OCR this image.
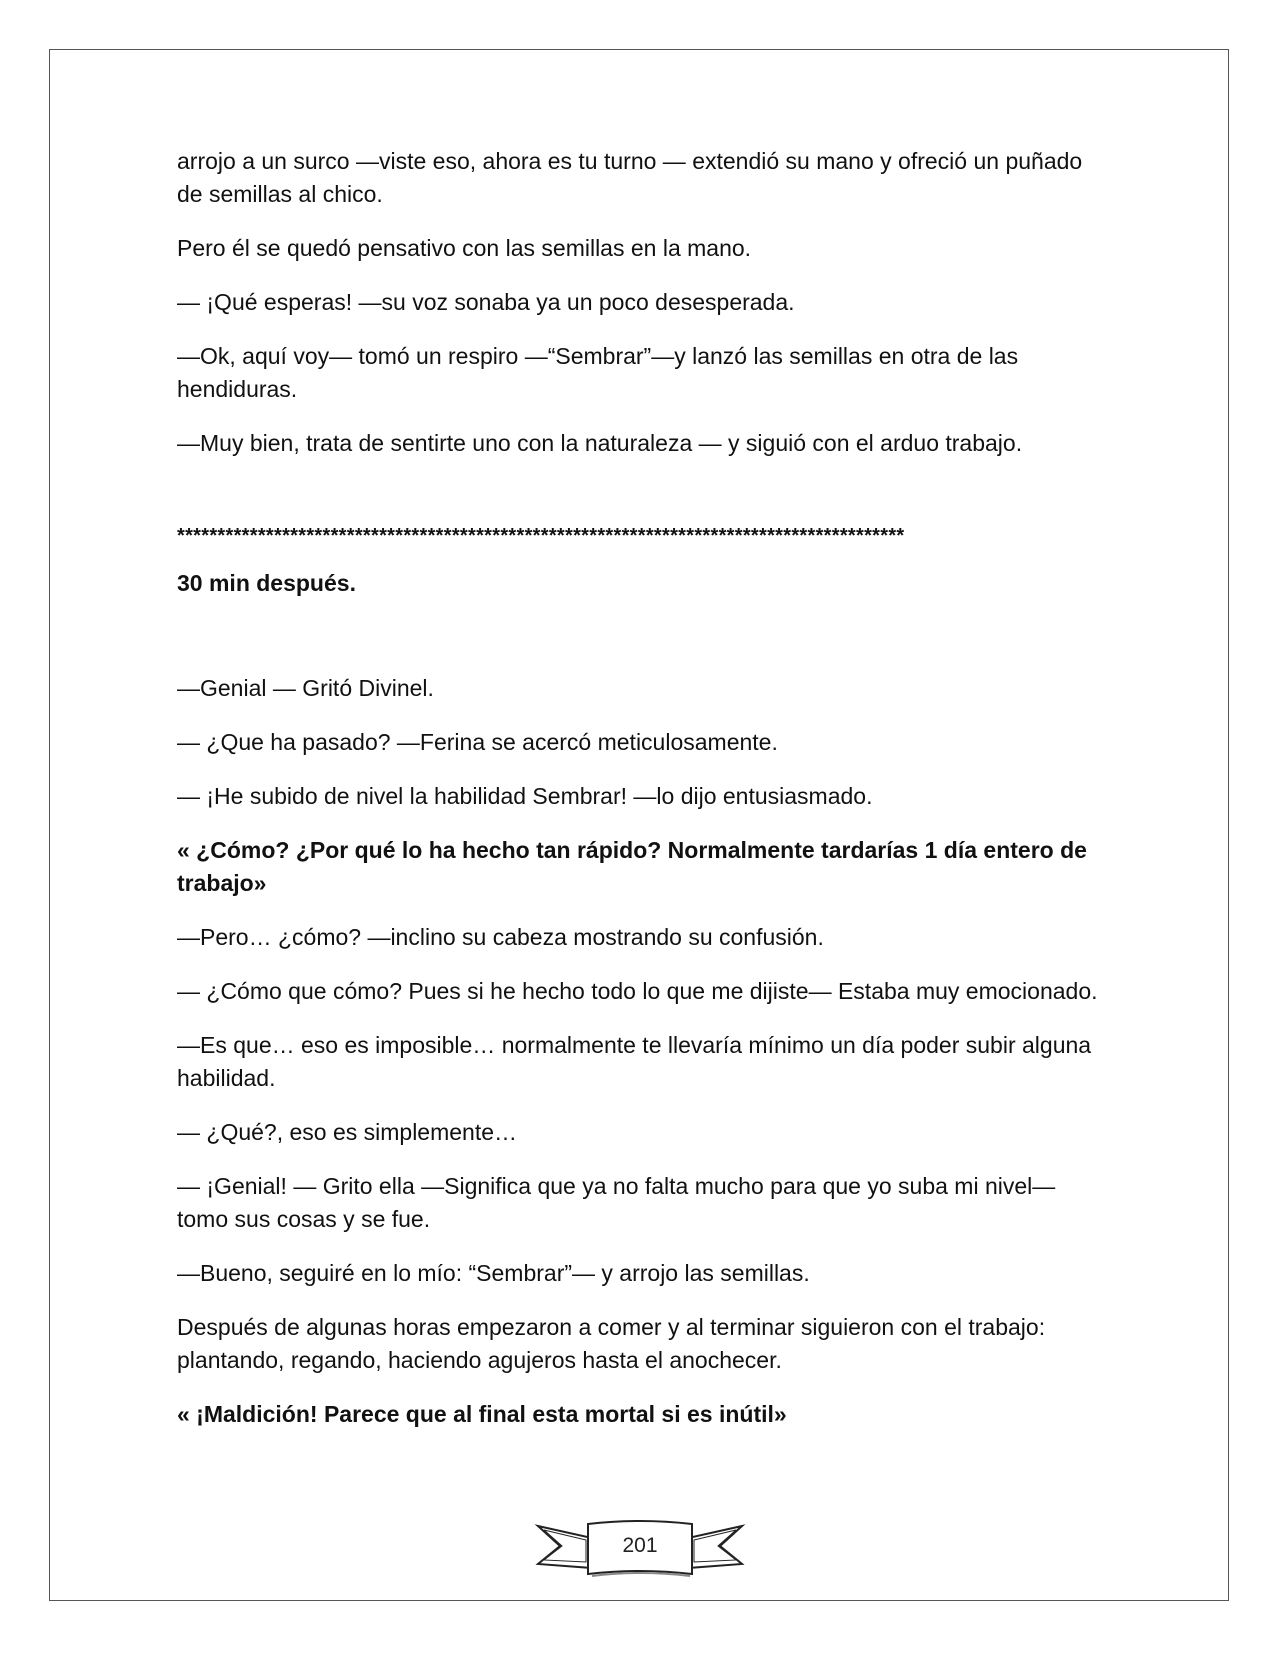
arrojo a un surco —viste eso, ahora es tu turno — extendió su mano y ofreció un puñado de semillas al chico.

Pero él se quedó pensativo con las semillas en la mano.

— ¡Qué esperas! —su voz sonaba ya un poco desesperada.

—Ok, aquí voy— tomó un respiro —“Sembrar”—y lanzó las semillas en otra de las hendiduras.

—Muy bien, trata de sentirte uno con la naturaleza — y siguió con el arduo trabajo.

******************************************************************************************

30 min después.

—Genial — Gritó Divinel.

— ¿Que ha pasado? —Ferina se acercó meticulosamente.

— ¡He subido de nivel la habilidad Sembrar! —lo dijo entusiasmado.

« ¿Cómo? ¿Por qué lo ha hecho tan rápido? Normalmente tardarías 1 día entero de trabajo»

—Pero… ¿cómo? —inclino su cabeza mostrando su confusión.

— ¿Cómo que cómo? Pues si he hecho todo lo que me dijiste— Estaba muy emocionado.

—Es que… eso es imposible… normalmente te llevaría mínimo un día poder subir alguna habilidad.

— ¿Qué?, eso es simplemente…

— ¡Genial! — Grito ella —Significa que ya no falta mucho para que yo suba mi nivel— tomo sus cosas y se fue.

—Bueno, seguiré en lo mío: “Sembrar”— y arrojo las semillas.

Después de algunas horas empezaron a comer y al terminar siguieron con el trabajo: plantando, regando, haciendo agujeros hasta el anochecer.

« ¡Maldición! Parece que al final esta mortal si es inútil»

201
